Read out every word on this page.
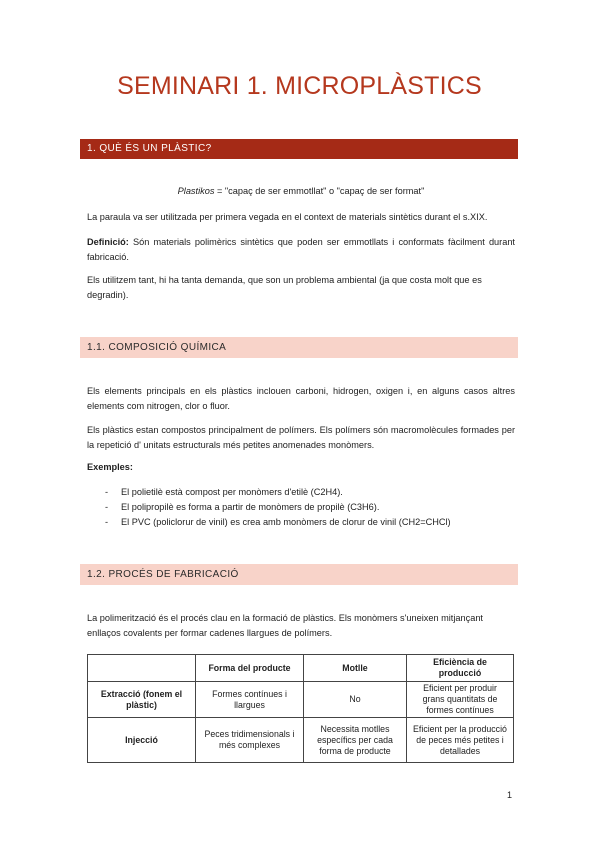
SEMINARI 1. MICROPLÀSTICS
1. QUÈ ÉS UN PLÀSTIC?
Plastikos = "capaç de ser emmotllat" o "capaç de ser format"
La paraula va ser utilitzada per primera vegada en el context de materials sintètics durant el s.XIX.
Definició: Són materials polimèrics sintètics que poden ser emmotllats i conformats fàcilment durant fabricació.
Els utilitzem tant, hi ha tanta demanda, que son un problema ambiental (ja que costa molt que es degradin).
1.1. COMPOSICIÓ QUÍMICA
Els elements principals en els plàstics inclouen carboni, hidrogen, oxigen i, en alguns casos altres elements com nitrogen, clor o fluor.
Els plàstics estan compostos principalment de polímers. Els polímers són macromolècules formades per la repetició d' unitats estructurals més petites anomenades monòmers.
Exemples:
- El polietilè està compost per monòmers d'etilè (C2H4).
- El polipropilè es forma a partir de monòmers de propilè (C3H6).
- El PVC (policlorur de vinil) es crea amb monòmers de clorur de vinil (CH2=CHCl)
1.2. PROCÉS DE FABRICACIÓ
La polimerització és el procés clau en la formació de plàstics. Els monòmers s'uneixen mitjançant enllaços covalents per formar cadenes llargues de polímers.
	Forma del producte	Motlle	Eficiència de producció
Extracció (fonem el plàstic)	Formes contínues i llargues	No	Eficient per produir grans quantitats de formes contínues
Injecció	Peces tridimensionals i més complexes	Necessita motlles específics per cada forma de producte	Eficient per la producció de peces més petites i detallades
1
